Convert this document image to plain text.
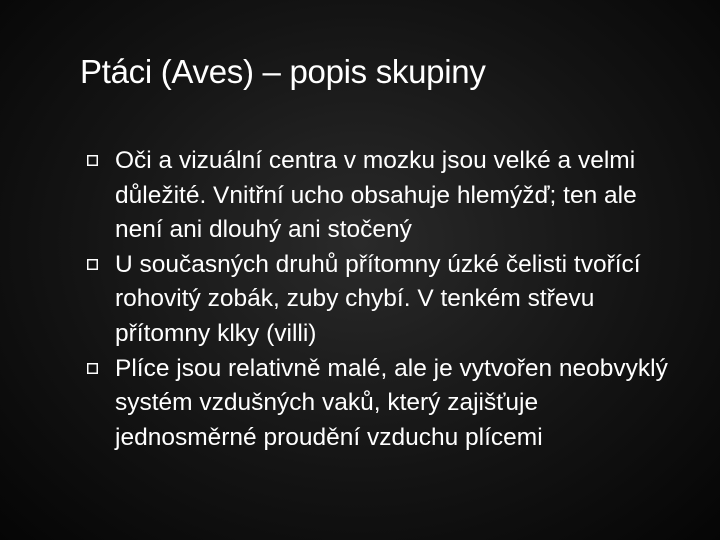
Ptáci (Aves) – popis skupiny
Oči a vizuální centra v mozku jsou velké a velmi důležité. Vnitřní ucho obsahuje hlemýžď; ten ale není ani dlouhý ani stočený
U současných druhů přítomny úzké čelisti tvořící rohovitý zobák, zuby chybí. V tenkém střevu přítomny klky (villi)
Plíce jsou relativně malé, ale je vytvořen neobvyklý systém vzdušných vaků, který zajišťuje jednosměrné proudění vzduchu plícemi
